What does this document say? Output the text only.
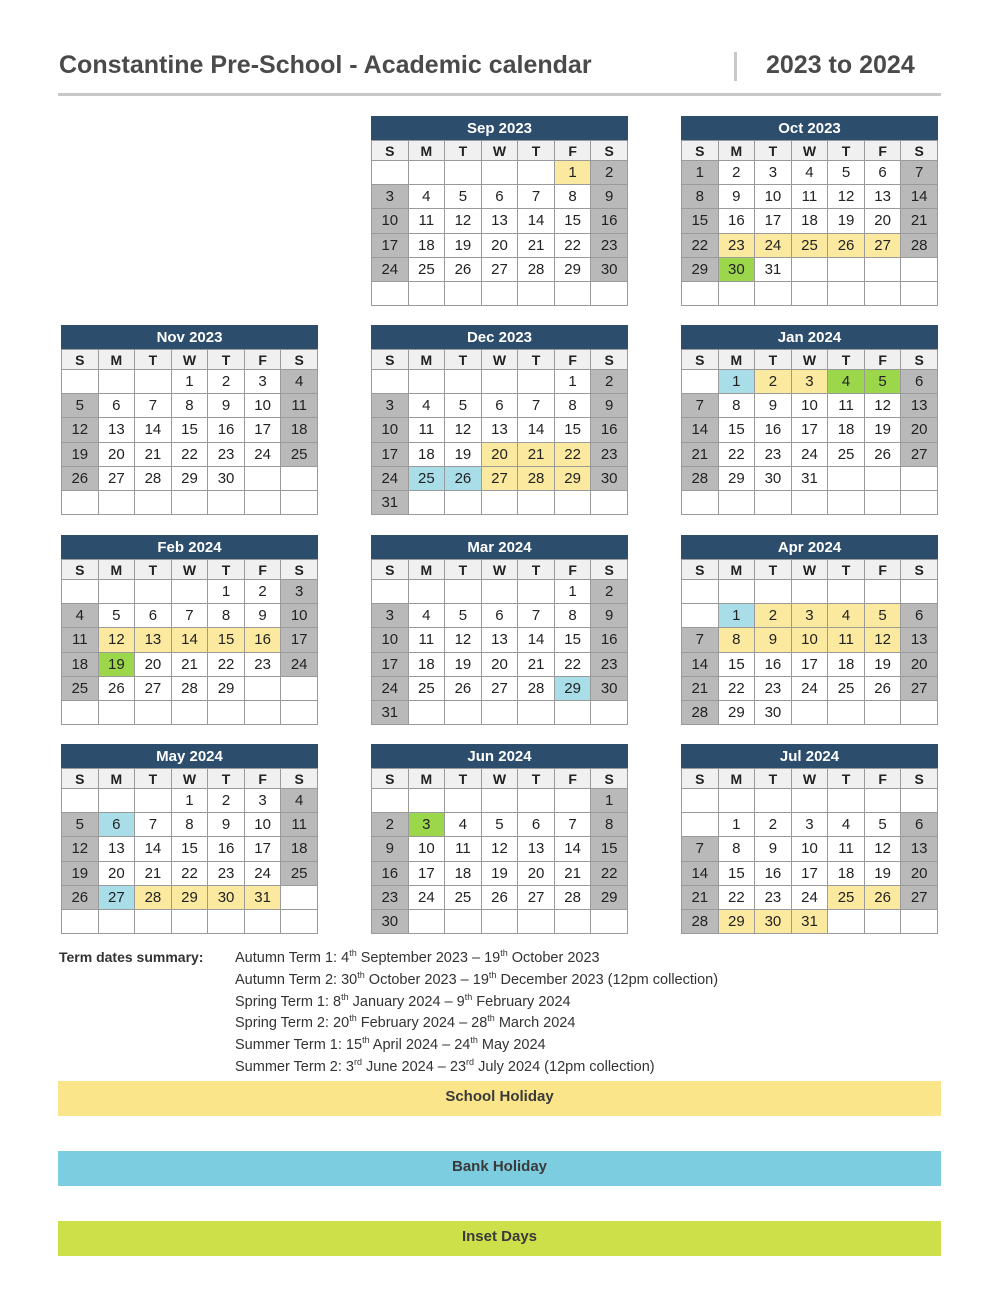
Constantine Pre-School - Academic calendar	2023 to 2024
Sep 2023
S	M	T	W	T	F	S
					1	2
3	4	5	6	7	8	9
10	11	12	13	14	15	16
17	18	19	20	21	22	23
24	25	26	27	28	29	30

Oct 2023
S	M	T	W	T	F	S
1	2	3	4	5	6	7
8	9	10	11	12	13	14
15	16	17	18	19	20	21
22	23	24	25	26	27	28
29	30	31				

Nov 2023
S	M	T	W	T	F	S
			1	2	3	4
5	6	7	8	9	10	11
12	13	14	15	16	17	18
19	20	21	22	23	24	25
26	27	28	29	30		

Dec 2023
S	M	T	W	T	F	S
					1	2
3	4	5	6	7	8	9
10	11	12	13	14	15	16
17	18	19	20	21	22	23
24	25	26	27	28	29	30
31						
Jan 2024
S	M	T	W	T	F	S
	1	2	3	4	5	6
7	8	9	10	11	12	13
14	15	16	17	18	19	20
21	22	23	24	25	26	27
28	29	30	31			

Feb 2024
S	M	T	W	T	F	S
				1	2	3
4	5	6	7	8	9	10
11	12	13	14	15	16	17
18	19	20	21	22	23	24
25	26	27	28	29		

Mar 2024
S	M	T	W	T	F	S
					1	2
3	4	5	6	7	8	9
10	11	12	13	14	15	16
17	18	19	20	21	22	23
24	25	26	27	28	29	30
31						
Apr 2024
S	M	T	W	T	F	S

	1	2	3	4	5	6
7	8	9	10	11	12	13
14	15	16	17	18	19	20
21	22	23	24	25	26	27
28	29	30				
May 2024
S	M	T	W	T	F	S
			1	2	3	4
5	6	7	8	9	10	11
12	13	14	15	16	17	18
19	20	21	22	23	24	25
26	27	28	29	30	31	

Jun 2024
S	M	T	W	T	F	S
						1
2	3	4	5	6	7	8
9	10	11	12	13	14	15
16	17	18	19	20	21	22
23	24	25	26	27	28	29
30						
Jul 2024
S	M	T	W	T	F	S

	1	2	3	4	5	6
7	8	9	10	11	12	13
14	15	16	17	18	19	20
21	22	23	24	25	26	27
28	29	30	31			
Term dates summary: Autumn Term 1: 4th September 2023 – 19th October 2023
Autumn Term 2: 30th October 2023 – 19th December 2023 (12pm collection)
Spring Term 1: 8th January 2024 – 9th February 2024
Spring Term 2: 20th February 2024 – 28th March 2024
Summer Term 1: 15th April 2024 – 24th May 2024
Summer Term 2: 3rd June 2024 – 23rd July 2024 (12pm collection)
School Holiday
Bank Holiday
Inset Days
